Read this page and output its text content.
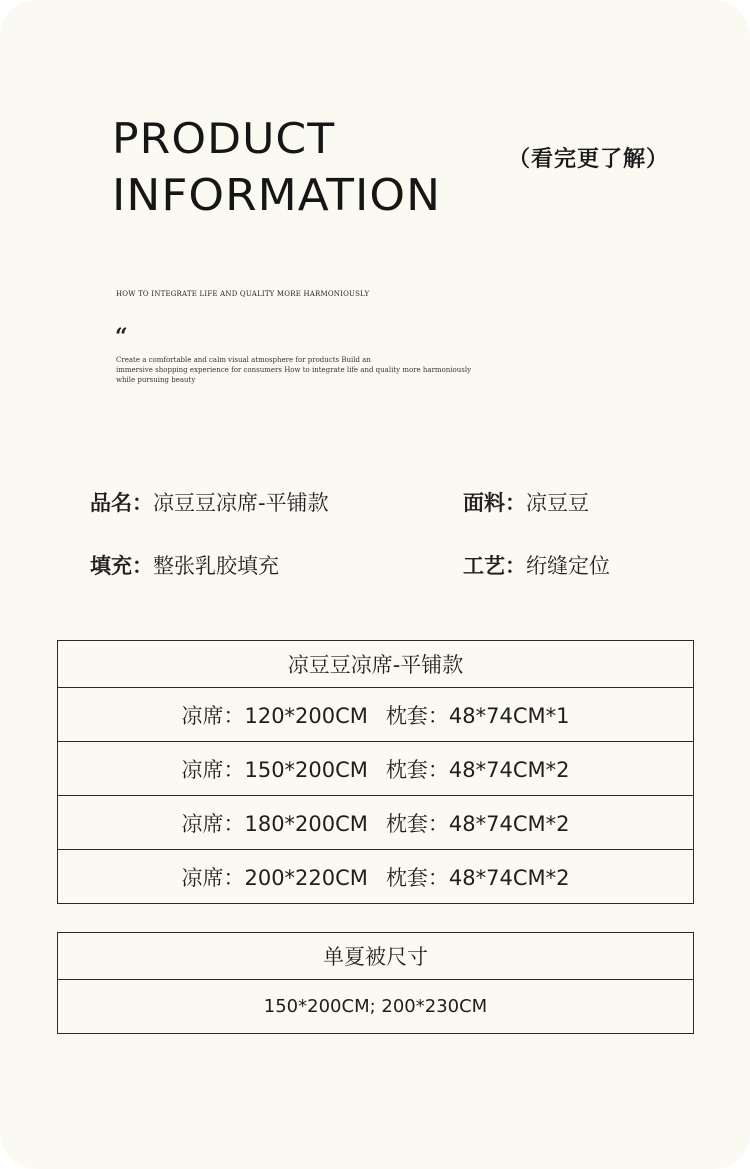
PRODUCT
INFORMATION
（看完更了解）
HOW TO INTEGRATE LIFE AND QUALITY MORE HARMONIOUSLY
“
Create a comfortable and calm visual atmosphere for products Build an
immersive shopping experience for consumers How to integrate life and quality more harmoniously
while pursuing beauty
品名：凉豆豆凉席-平铺款	面料：凉豆豆
填充：整张乳胶填充	工艺：绗缝定位
凉豆豆凉席-平铺款
凉席：120*200CM 枕套：48*74CM*1
凉席：150*200CM 枕套：48*74CM*2
凉席：180*200CM 枕套：48*74CM*2
凉席：200*220CM 枕套：48*74CM*2
单夏被尺寸
150*200CM; 200*230CM
